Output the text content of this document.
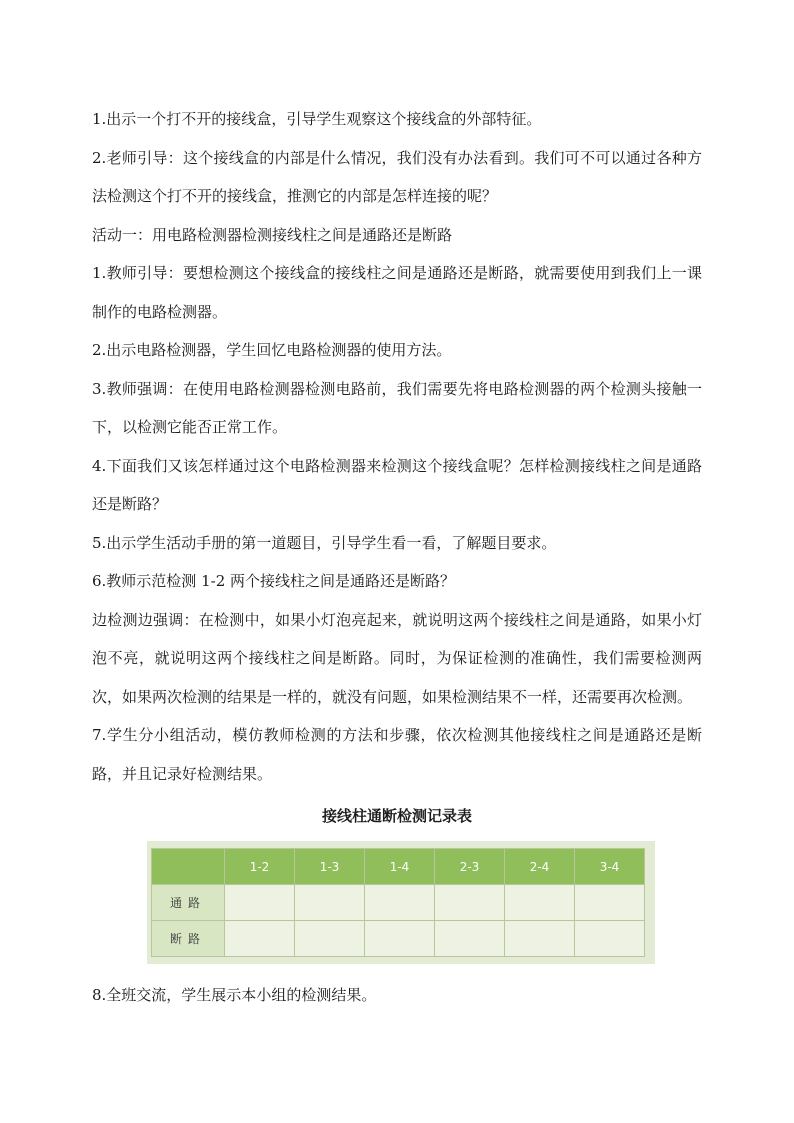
1.出示一个打不开的接线盒，引导学生观察这个接线盒的外部特征。

2.老师引导：这个接线盒的内部是什么情况，我们没有办法看到。我们可不可以通过各种方法检测这个打不开的接线盒，推测它的内部是怎样连接的呢？

活动一：用电路检测器检测接线柱之间是通路还是断路

1.教师引导：要想检测这个接线盒的接线柱之间是通路还是断路，就需要使用到我们上一课制作的电路检测器。

2.出示电路检测器，学生回忆电路检测器的使用方法。

3.教师强调：在使用电路检测器检测电路前，我们需要先将电路检测器的两个检测头接触一下，以检测它能否正常工作。

4.下面我们又该怎样通过这个电路检测器来检测这个接线盒呢？怎样检测接线柱之间是通路还是断路？

5.出示学生活动手册的第一道题目，引导学生看一看，了解题目要求。

6.教师示范检测 1-2 两个接线柱之间是通路还是断路？

边检测边强调：在检测中，如果小灯泡亮起来，就说明这两个接线柱之间是通路，如果小灯泡不亮，就说明这两个接线柱之间是断路。同时，为保证检测的准确性，我们需要检测两次，如果两次检测的结果是一样的，就没有问题，如果检测结果不一样，还需要再次检测。

7.学生分小组活动，模仿教师检测的方法和步骤，依次检测其他接线柱之间是通路还是断路，并且记录好检测结果。

接线柱通断检测记录表
	1-2	1-3	1-4	2-3	2-4	3-4
通路						
断路						

8.全班交流，学生展示本小组的检测结果。
